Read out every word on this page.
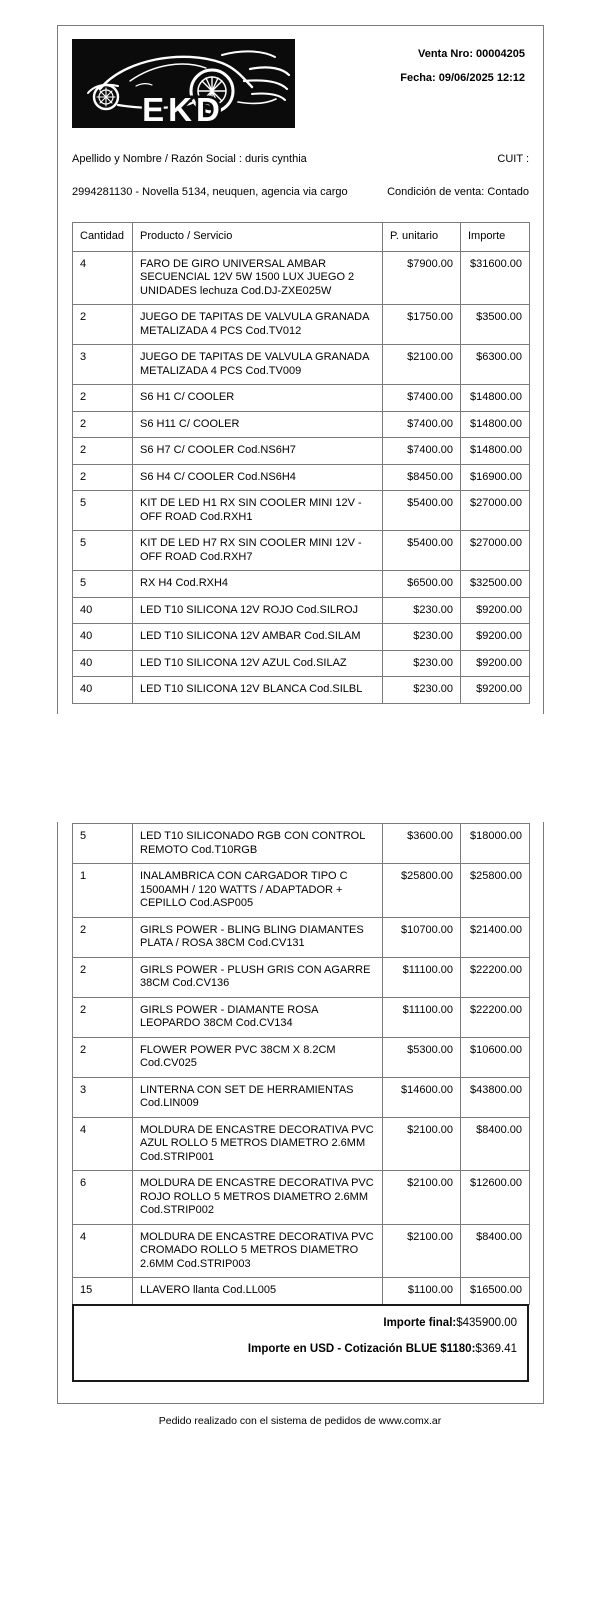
EKD
Venta Nro: 00004205
Fecha: 09/06/2025 12:12
Apellido y Nombre / Razón Social : duris cynthia	CUIT :
2994281130 - Novella 5134, neuquen, agencia via cargo	Condición de venta: Contado
Cantidad	Producto / Servicio	P. unitario	Importe
4	FARO DE GIRO UNIVERSAL AMBAR SECUENCIAL 12V 5W 1500 LUX JUEGO 2 UNIDADES lechuza Cod.DJ-ZXE025W	$7900.00	$31600.00
2	JUEGO DE TAPITAS DE VALVULA GRANADA METALIZADA 4 PCS Cod.TV012	$1750.00	$3500.00
3	JUEGO DE TAPITAS DE VALVULA GRANADA METALIZADA 4 PCS Cod.TV009	$2100.00	$6300.00
2	S6 H1 C/ COOLER	$7400.00	$14800.00
2	S6 H11 C/ COOLER	$7400.00	$14800.00
2	S6 H7 C/ COOLER Cod.NS6H7	$7400.00	$14800.00
2	S6 H4 C/ COOLER Cod.NS6H4	$8450.00	$16900.00
5	KIT DE LED H1 RX SIN COOLER MINI 12V - OFF ROAD Cod.RXH1	$5400.00	$27000.00
5	KIT DE LED H7 RX SIN COOLER MINI 12V - OFF ROAD Cod.RXH7	$5400.00	$27000.00
5	RX H4 Cod.RXH4	$6500.00	$32500.00
40	LED T10 SILICONA 12V ROJO Cod.SILROJ	$230.00	$9200.00
40	LED T10 SILICONA 12V AMBAR Cod.SILAM	$230.00	$9200.00
40	LED T10 SILICONA 12V AZUL Cod.SILAZ	$230.00	$9200.00
40	LED T10 SILICONA 12V BLANCA Cod.SILBL	$230.00	$9200.00
5	LED T10 SILICONADO RGB CON CONTROL REMOTO Cod.T10RGB	$3600.00	$18000.00
1	INALAMBRICA CON CARGADOR TIPO C 1500AMH / 120 WATTS / ADAPTADOR + CEPILLO Cod.ASP005	$25800.00	$25800.00
2	GIRLS POWER - BLING BLING DIAMANTES PLATA / ROSA 38CM Cod.CV131	$10700.00	$21400.00
2	GIRLS POWER - PLUSH GRIS CON AGARRE 38CM Cod.CV136	$11100.00	$22200.00
2	GIRLS POWER - DIAMANTE ROSA LEOPARDO 38CM Cod.CV134	$11100.00	$22200.00
2	FLOWER POWER PVC 38CM X 8.2CM Cod.CV025	$5300.00	$10600.00
3	LINTERNA CON SET DE HERRAMIENTAS Cod.LIN009	$14600.00	$43800.00
4	MOLDURA DE ENCASTRE DECORATIVA PVC AZUL ROLLO 5 METROS DIAMETRO 2.6MM Cod.STRIP001	$2100.00	$8400.00
6	MOLDURA DE ENCASTRE DECORATIVA PVC ROJO ROLLO 5 METROS DIAMETRO 2.6MM Cod.STRIP002	$2100.00	$12600.00
4	MOLDURA DE ENCASTRE DECORATIVA PVC CROMADO ROLLO 5 METROS DIAMETRO 2.6MM Cod.STRIP003	$2100.00	$8400.00
15	LLAVERO llanta Cod.LL005	$1100.00	$16500.00
Importe final:$435900.00
Importe en USD - Cotización BLUE $1180:$369.41
Pedido realizado con el sistema de pedidos de www.comx.ar
